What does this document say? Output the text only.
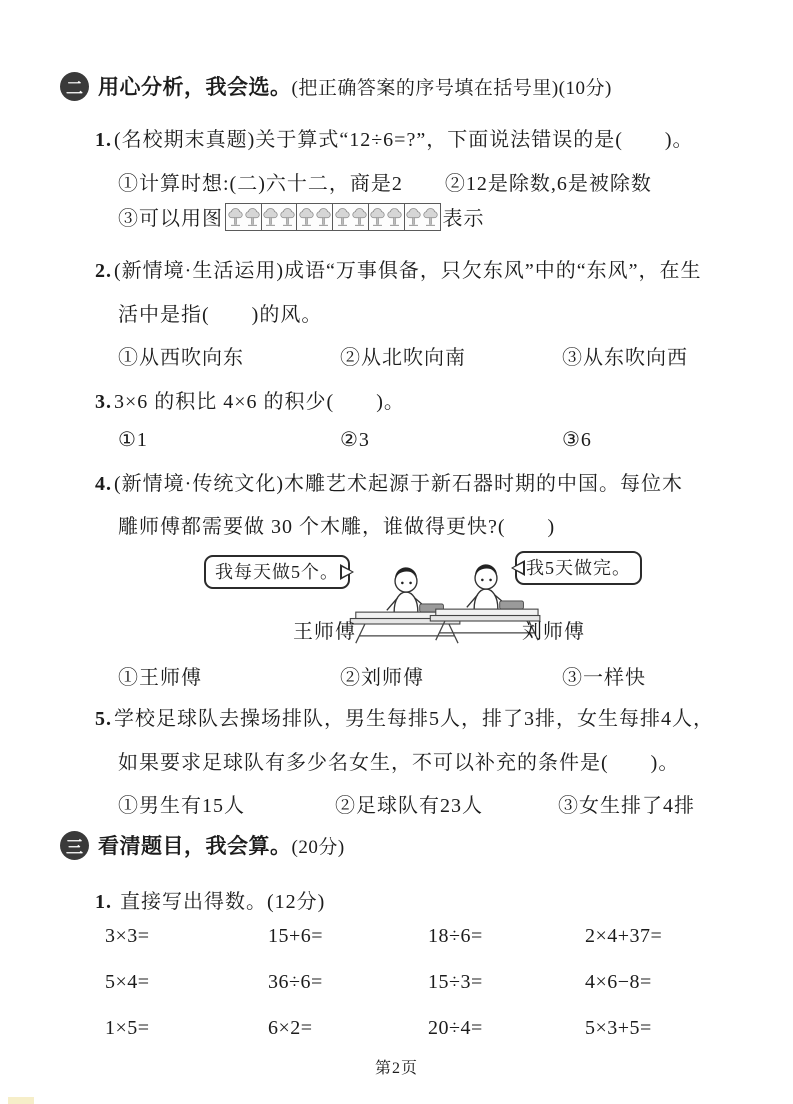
二 用心分析，我会选。(把正确答案的序号填在括号里)(10分)
1. (名校期末真题)关于算式“12÷6=?”，下面说法错误的是(　　)。
①计算时想:(二)六十二，商是2 ②12是除数,6是被除数
③可以用图	表示
2. (新情境·生活运用)成语“万事俱备，只欠东风”中的“东风”，在生
活中是指(　　)的风。
①从西吹向东	②从北吹向南	③从东吹向西
3. 3×6 的积比 4×6 的积少(　　)。
①1	②3	③6
4. (新情境·传统文化)木雕艺术起源于新石器时期的中国。每位木
雕师傅都需要做 30 个木雕，谁做得更快?(　　)
我每天做5个。	我5天做完。
王师傅	刘师傅
①王师傅	②刘师傅	③一样快
5. 学校足球队去操场排队，男生每排5人，排了3排，女生每排4人，
如果要求足球队有多少名女生，不可以补充的条件是(　　)。
①男生有15人	②足球队有23人	③女生排了4排
三 看清题目，我会算。(20分)
1. 直接写出得数。(12分)
3×3=	15+6=	18÷6=	2×4+37=
5×4=	36÷6=	15÷3=	4×6−8=
1×5=	6×2=	20÷4=	5×3+5=
第2页
